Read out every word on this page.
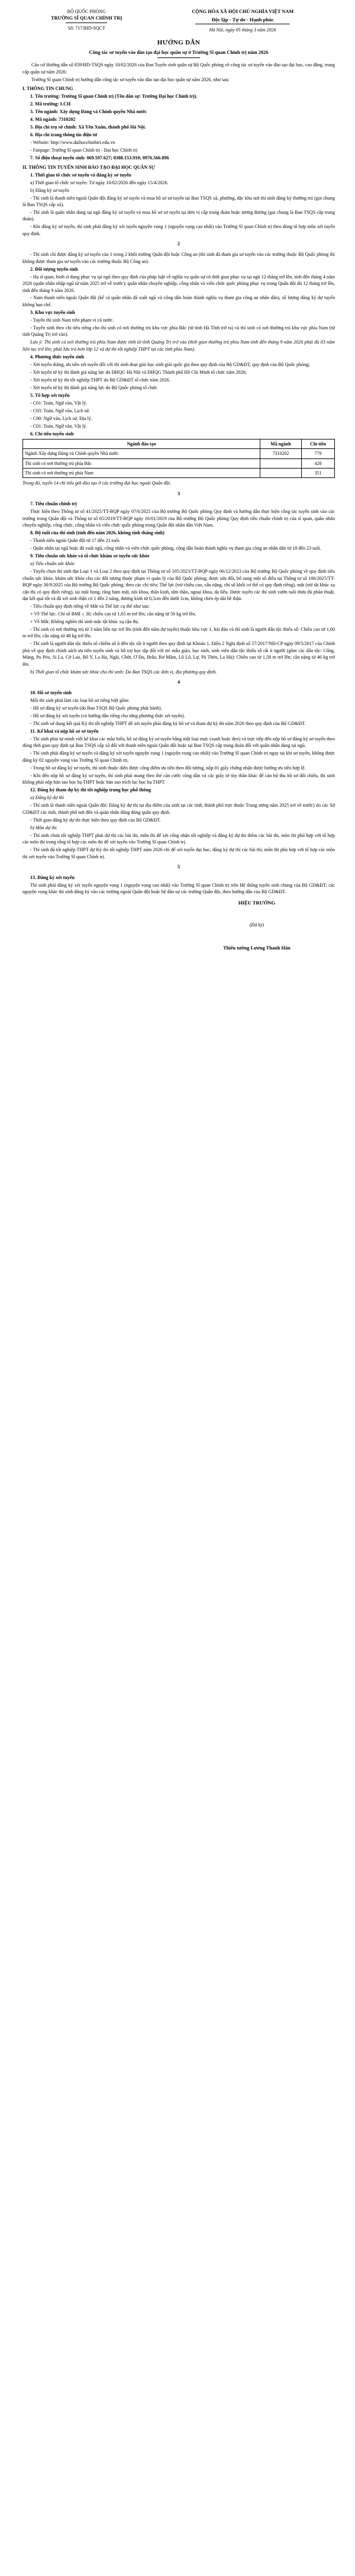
BỘ QUỐC PHÒNG
TRƯỜNG SĨ QUAN CHÍNH TRỊ
Số: 7173HD-SQCT
CỘNG HÒA XÃ HỘI CHỦ NGHĨA VIỆT NAM
Độc lập - Tự do - Hạnh phúc
Hà Nội, ngày 05 tháng 3 năm 2026
HƯỚNG DẪN
Công tác sơ tuyển vào đào tạo đại học quân sự ở Trường Sĩ quan Chính trị năm 2026

Căn cứ Hướng dẫn số 859/HD-TSQS ngày 10/02/2026 của Ban Tuyển sinh quân sự Bộ Quốc phòng về công tác sơ tuyển vào đào tạo đại học, cao đẳng, trung cấp quân sự năm 2026;

Trường Sĩ quan Chính trị hướng dẫn công tác sơ tuyển vào đào tạo đại học quân sự năm 2026, như sau:

I. THÔNG TIN CHUNG

1. Tên trường: Trường Sĩ quan Chính trị (Tên dân sự: Trường Đại học Chính trị).

2. Mã trường: LCH

3. Tên ngành: Xây dựng Đảng và Chính quyền Nhà nước

4. Mã ngành: 7310202

5. Địa chỉ trụ sở chính: Xã Yên Xuân, thành phố Hà Nội.

6. Địa chỉ trang thông tin điện tử

- Website: http://www.daihocchinhtri.edu.vn

- Fanpage: Trường Sĩ quan Chính trị - Đại học Chính trị

7. Số điện thoại tuyển sinh: 069.597.627; 0388.153.910; 0976.566.896

II. THÔNG TIN TUYỂN SINH ĐÀO TẠO ĐẠI HỌC QUÂN SỰ

1. Thời gian tổ chức sơ tuyển và đăng ký sơ tuyển

a) Thời gian tổ chức sơ tuyển: Từ ngày 10/02/2026 đến ngày 15/4/2026.

b) Đăng ký sơ tuyển

- Thí sinh là thanh niên ngoài Quân đội đăng ký sơ tuyển và mua hồ sơ sơ tuyển tại Ban TSQS xã, phường, đặc khu nơi thí sinh đăng ký thường trú (gọi chung là Ban TSQS cấp xã).

- Thí sinh là quân nhân đang tại ngũ đăng ký sơ tuyển và mua hồ sơ sơ tuyển tại đơn vị cấp trung đoàn hoặc tương đương (gọi chung là Ban TSQS cấp trung đoàn).

- Khi đăng ký sơ tuyển, thí sinh phải đăng ký xét tuyển nguyện vọng 1 (nguyện vọng cao nhất) vào Trường Sĩ quan Chính trị theo đúng tổ hợp môn xét tuyển quy định.

2

- Thí sinh chỉ được đăng ký sơ tuyển vào 1 trong 2 khối trường Quân đội hoặc Công an (thí sinh đã tham gia sơ tuyển vào các trường thuộc Bộ Quốc phòng thì không được tham gia sơ tuyển vào các trường thuộc Bộ Công an).

2. Đối tượng tuyển sinh

- Hạ sĩ quan, binh sĩ đang phục vụ tại ngũ theo quy định của pháp luật về nghĩa vụ quân sự có thời gian phục vụ tại ngũ 12 tháng trở lên, tính đến tháng 4 năm 2026 (quân nhân nhập ngũ từ năm 2025 trở về trước); quân nhân chuyên nghiệp, công nhân và viên chức quốc phòng phục vụ trong Quân đội đủ 12 tháng trở lên, tính đến tháng 9 năm 2026.

- Nam thanh niên ngoài Quân đội (kể cả quân nhân đã xuất ngũ và công dân hoàn thành nghĩa vụ tham gia công an nhân dân), số lượng đăng ký dự tuyển không hạn chế.

3. Khu vực tuyển sinh

- Tuyển thí sinh Nam trên phạm vi cả nước.

- Tuyển sinh theo chỉ tiêu riêng cho thí sinh có nơi thường trú khu vực phía Bắc (từ tỉnh Hà Tĩnh trở ra) và thí sinh có nơi thường trú khu vực phía Nam (từ tỉnh Quảng Trị trở vào).

Lưu ý: Thí sinh có nơi thường trú phía Nam được tính từ tỉnh Quảng Trị trở vào (thời gian thường trú phía Nam tính đến tháng 9 năm 2026 phải đủ 03 năm liên tục trở lên; phải lưu trú hơn lớp 12 và dự thi tốt nghiệp THPT tại các tỉnh phía Nam).

4. Phương thức tuyển sinh

- Xét tuyển thẳng, ưu tiên xét tuyển đối với thí sinh đoạt giải học sinh giỏi quốc gia theo quy định của Bộ GD&ĐT, quy định của Bộ Quốc phòng;

- Xét tuyển từ kỳ thi đánh giá năng lực do ĐHQG Hà Nội và ĐHQG Thành phố Hồ Chí Minh tổ chức năm 2026;

- Xét tuyển từ kỳ thi tốt nghiệp THPT do Bộ GD&ĐT tổ chức năm 2026.

- Xét tuyển từ kỳ thi đánh giá năng lực do Bộ Quốc phòng tổ chức

5. Tổ hợp xét tuyển

- C01: Toán, Ngữ văn, Vật lý.

- C03: Toán, Ngữ văn, Lịch sử.

- C00: Ngữ văn, Lịch sử, Địa lý.

- C01: Toán, Ngữ văn, Vật lý.

6. Chỉ tiêu tuyển sinh

Ngành đào tạo	Mã ngành	Chỉ tiêu
Ngành Xây dựng Đảng và Chính quyền Nhà nước	7310202	779
Thí sinh có nơi thường trú phía Bắc		428
Thí sinh có nơi thường trú phía Nam		351

Trong đó, tuyển 14 chỉ tiêu gửi đào tạo ở các trường đại học ngoài Quân đội.

3

7. Tiêu chuẩn chính trị

Thực hiện theo Thông tư số 41/2025/TT-BQP ngày 07/6/2025 của Bộ trưởng Bộ Quốc phòng Quy định và hướng dẫn thực hiện công tác tuyển sinh vào các trường trong Quân đội và Thông tư số 05/2019/TT-BQP ngày 16/01/2019 của Bộ trưởng Bộ Quốc phòng Quy định tiêu chuẩn chính trị của sĩ quan, quân nhân chuyên nghiệp, công chức, công nhân và viên chức quốc phòng trong Quân đội nhân dân Việt Nam.

8. Độ tuổi của thí sinh (tính đến năm 2026, không tính tháng sinh)

- Thanh niên ngoài Quân đội từ 17 đến 21 tuổi.

- Quân nhân tại ngũ hoặc đã xuất ngũ, công nhân và viên chức quốc phòng, công dân hoàn thành nghĩa vụ tham gia công an nhân dân từ 18 đến 23 tuổi.

9. Tiêu chuẩn sức khỏe và tổ chức khám sơ tuyển sức khỏe

a) Tiêu chuẩn sức khỏe

- Tuyển chọn thí sinh đạt Loại 1 và Loại 2 theo quy định tại Thông tư số 105/2023/TT-BQP ngày 06/12/2023 của Bộ trưởng Bộ Quốc phòng về quy định tiêu chuẩn sức khỏe, khám sức khỏe cho các đối tượng thuộc phạm vi quản lý của Bộ Quốc phòng; được sửa đổi, bổ sung một số điều tại Thông tư số 106/2025/TT-BQP ngày 30/9/2025 của Bộ trưởng Bộ Quốc phòng, theo các chỉ tiêu: Thể lực (trừ chiều cao, cân nặng, chỉ số khối cơ thể có quy định riêng), mắt (trừ tật khúc xạ cận thị có quy định riêng), tai mũi họng, răng hàm mặt, nội khoa, thần kinh, tâm thần, ngoại khoa, da liễu. Được tuyển các thí sinh vướn tuổi thừa đủ phần thuật, đạt kết quả tốt và đã xét sinh thận có 1 đến 2 năng, đương kính từ 0,5cm đến dưới 1cm, không chèn ép dài bề thận.

- Tiêu chuẩn quy định riêng về Mắt và Thể lực cụ thể như sau:

+ Về Thể lực: Chỉ số BMI ≤ 30; chiều cao từ 1,65 m trở lên; cân nặng từ 50 kg trở lên.

+ Về Mắt: Không nghẽn thí sinh mắc tật khúc xạ cận thị.

- Thí sinh có nơi thường trú từ 3 năm liên tục trở lên (tính đến năm dự tuyển) thuộc khu vực 1, hải đảo và thí sinh là người dân tộc thiểu số: Chiều cao từ 1,60 m trở lên; cân nặng từ 48 kg trở lên.

- Thí sinh là người dân tộc thiểu số chiếm số ít đến tộc rất ít người theo quy định tại Khoản 1, Điều 2 Nghị định số 57/2017/NĐ-CP ngày 09/5/2017 của Chính phủ về quy định chính sách ưu tiên tuyển sinh và hỗ trợ học tập đối với trẻ mẫu giáo, học sinh, sinh viên dân tộc thiểu số rất ít người (gồm các dân tộc: Cống, Mảng, Pu Péo, Si La, Cờ Lao, Bố Y, La Ha, Ngái, Chứt, Ơ Đu, Brâu, Rơ Măm, Lô Lô, Lự, Pà Thẻn, La Hủ): Chiều cao từ 1,58 m trở lên; cân nặng từ 46 kg trở lên.

b) Thời gian tổ chức khám sức khỏe cho thí sinh: Do Ban TSQS các đơn vị, địa phương quy định.

4

10. Hồ sơ tuyển sinh

Mỗi thí sinh phải làm các loại hồ sơ riêng biệt gồm:

- Hồ sơ đăng ký sơ tuyển (do Ban TSQS Bộ Quốc phòng phát hành).

- Hồ sơ đăng ký xét tuyển (có hướng dẫn riêng cho từng phương thức xét tuyển).

- Thí sinh sử dụng kết quả Kỳ thi tốt nghiệp THPT để xét tuyển phải đăng ký hồ sơ và tham dự kỳ thi năm 2026 theo quy định của Bộ GD&ĐT.

11. Kế khai và nộp hồ sơ sơ tuyển

- Thí sinh phải tự mình viết kê khai các mẫu biểu, hồ sơ đăng ký sơ tuyển bằng một loại mực (xanh hoặc đen) và trực tiếp đến nộp hồ sơ đăng ký sơ tuyển theo đúng thời gian quy định tại Ban TSQS cấp xã đối với thanh niên ngoài Quân đội hoặc tại Ban TSQS cấp trung đoàn đối với quân nhân đang tại ngũ.

- Thí sinh phải đăng ký sơ tuyển và đăng ký xét tuyển nguyện vọng 1 (nguyện vọng cao nhất) vào Trường Sĩ quan Chính trị ngay tại khi sơ tuyển, không được đăng ký 02 nguyện vọng vào Trường Sĩ quan Chính trị.

- Trong hồ sơ đăng ký sơ tuyển, thí sinh thuộc diện được công điểm ưu tiên theo đối tượng, nộp 01 giấy chứng nhận được hưởng ưu tiên hợp lệ.

- Khi đến nộp hồ sơ đăng ký sơ tuyển, thí sinh phải mang theo thẻ căn cước công dân và các giấy tờ tùy thân khác để cán bộ thu hồ sơ đối chiếu, thí sinh không phải nộp bản sao học bạ THPT hoặc bản sao trích lục học bạ THPT.

12. Đăng ký tham dự kỳ thi tốt nghiệp trung học phổ thông

a) Đăng ký dự thi

- Thí sinh là thanh niên ngoài Quân đội: Đăng ký dự thi tại địa điểm của sinh tại các tỉnh, thành phố trực thuộc Trung ương năm 2025 trở về trước) do các Sở GD&ĐT các tỉnh, thành phố nơi đến và quản nhân đăng đóng quân quy định.

- Thời gian đăng ký dự thi thực hiện theo quy định của Bộ GD&ĐT.

b) Môn dự thi

- Thí sinh chưa tốt nghiệp THPT phải dự thi các bài thi, môn thi để xét công nhận tốt nghiệp và đăng ký dự thi thêm các bài thi, môn thi phù hợp với tổ hợp các môn thi trong tổng tổ hợp các môn thi để xét tuyển vào Trường Sĩ quan Chính trị.

- Thí sinh đã tốt nghiệp THPT dự Kỳ thi tốt nghiệp THPT năm 2026 chỉ để xét tuyển đại học, đăng ký dự thi các bài thi, môn thi phù hợp với tổ hợp các môn thi xét tuyển vào Trường Sĩ quan Chính trị.

5

13. Đăng ký xét tuyển

Thí sinh phải đăng ký xét tuyển nguyện vọng 1 (nguyện vọng cao nhất) vào Trường Sĩ quan Chính trị trên Hệ thống tuyển sinh chung của Bộ GD&ĐT; các nguyện vọng khác thí sinh đăng ký vào các trường ngoài Quân đội hoặc hệ dân sự các trường Quân đội, theo hướng dẫn của Bộ GD&ĐT.

HIỆU TRƯỞNG
(Đã ký)
Thiếu tướng Lương Thanh Hân
